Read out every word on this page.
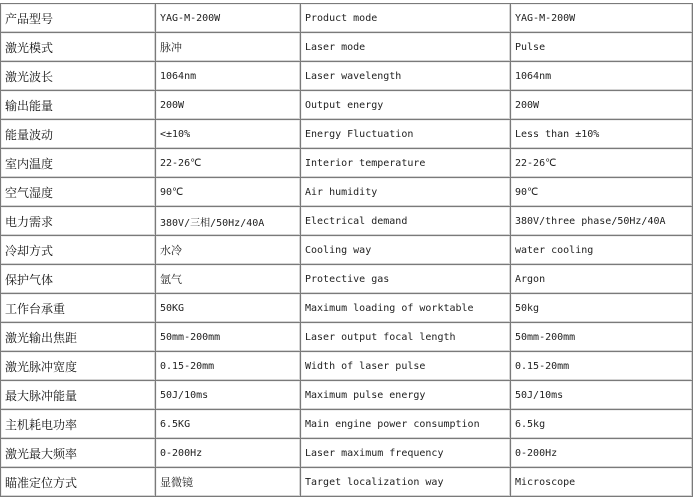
产品型号	YAG-M-200W	Product mode	YAG-M-200W
激光模式	脉冲	Laser mode	Pulse
激光波长	1064nm	Laser wavelength	1064nm
输出能量	200W	Output energy	200W
能量波动	<±10%	Energy Fluctuation	Less than ±10%
室内温度	22-26℃	Interior temperature	22-26℃
空气湿度	90℃	Air humidity	90℃
电力需求	380V/三相/50Hz/40A	Electrical demand	380V/three phase/50Hz/40A
冷却方式	水冷	Cooling way	water cooling
保护气体	氩气	Protective gas	Argon
工作台承重	50KG	Maximum loading of worktable	50kg
激光输出焦距	50mm-200mm	Laser output focal length	50mm-200mm
激光脉冲宽度	0.15-20mm	Width of laser pulse	0.15-20mm
最大脉冲能量	50J/10ms	Maximum pulse energy	50J/10ms
主机耗电功率	6.5KG	Main engine power consumption	6.5kg
激光最大频率	0-200Hz	Laser maximum frequency	0-200Hz
瞄准定位方式	显微镜	Target localization way	Microscope
